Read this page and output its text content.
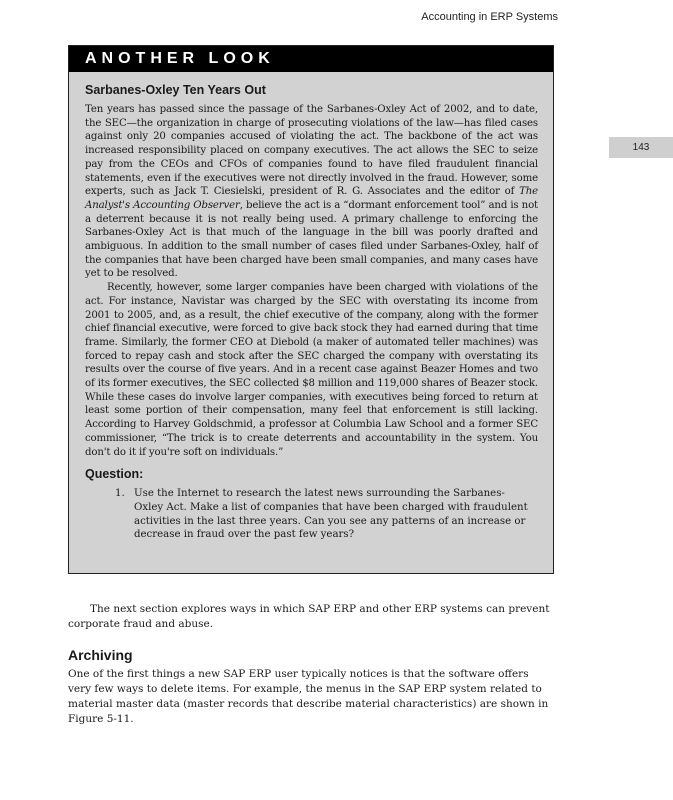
Accounting in ERP Systems
143
ANOTHER LOOK
Sarbanes-Oxley Ten Years Out

Ten years has passed since the passage of the Sarbanes-Oxley Act of 2002, and to date, the SEC—the organization in charge of prosecuting violations of the law—has filed cases against only 20 companies accused of violating the act. The backbone of the act was increased responsibility placed on company executives. The act allows the SEC to seize pay from the CEOs and CFOs of companies found to have filed fraudulent financial statements, even if the executives were not directly involved in the fraud. However, some experts, such as Jack T. Ciesielski, president of R. G. Associates and the editor of The Analyst's Accounting Observer, believe the act is a “dormant enforcement tool” and is not a deterrent because it is not really being used. A primary challenge to enforcing the Sarbanes-Oxley Act is that much of the language in the bill was poorly drafted and ambiguous. In addition to the small number of cases filed under Sarbanes-Oxley, half of the companies that have been charged have been small companies, and many cases have yet to be resolved.

Recently, however, some larger companies have been charged with violations of the act. For instance, Navistar was charged by the SEC with overstating its income from 2001 to 2005, and, as a result, the chief executive of the company, along with the former chief financial executive, were forced to give back stock they had earned during that time frame. Similarly, the former CEO at Diebold (a maker of automated teller machines) was forced to repay cash and stock after the SEC charged the company with overstating its results over the course of five years. And in a recent case against Beazer Homes and two of its former executives, the SEC collected $8 million and 119,000 shares of Beazer stock. While these cases do involve larger companies, with executives being forced to return at least some portion of their compensation, many feel that enforcement is still lacking. According to Harvey Goldschmid, a professor at Columbia Law School and a former SEC commissioner, “The trick is to create deterrents and accountability in the system. You don't do it if you're soft on individuals.”

Question:
1. Use the Internet to research the latest news surrounding the Sarbanes-Oxley Act. Make a list of companies that have been charged with fraudulent activities in the last three years. Can you see any patterns of an increase or decrease in fraud over the past few years?

The next section explores ways in which SAP ERP and other ERP systems can prevent corporate fraud and abuse.

Archiving

One of the first things a new SAP ERP user typically notices is that the software offers very few ways to delete items. For example, the menus in the SAP ERP system related to material master data (master records that describe material characteristics) are shown in Figure 5-11.
